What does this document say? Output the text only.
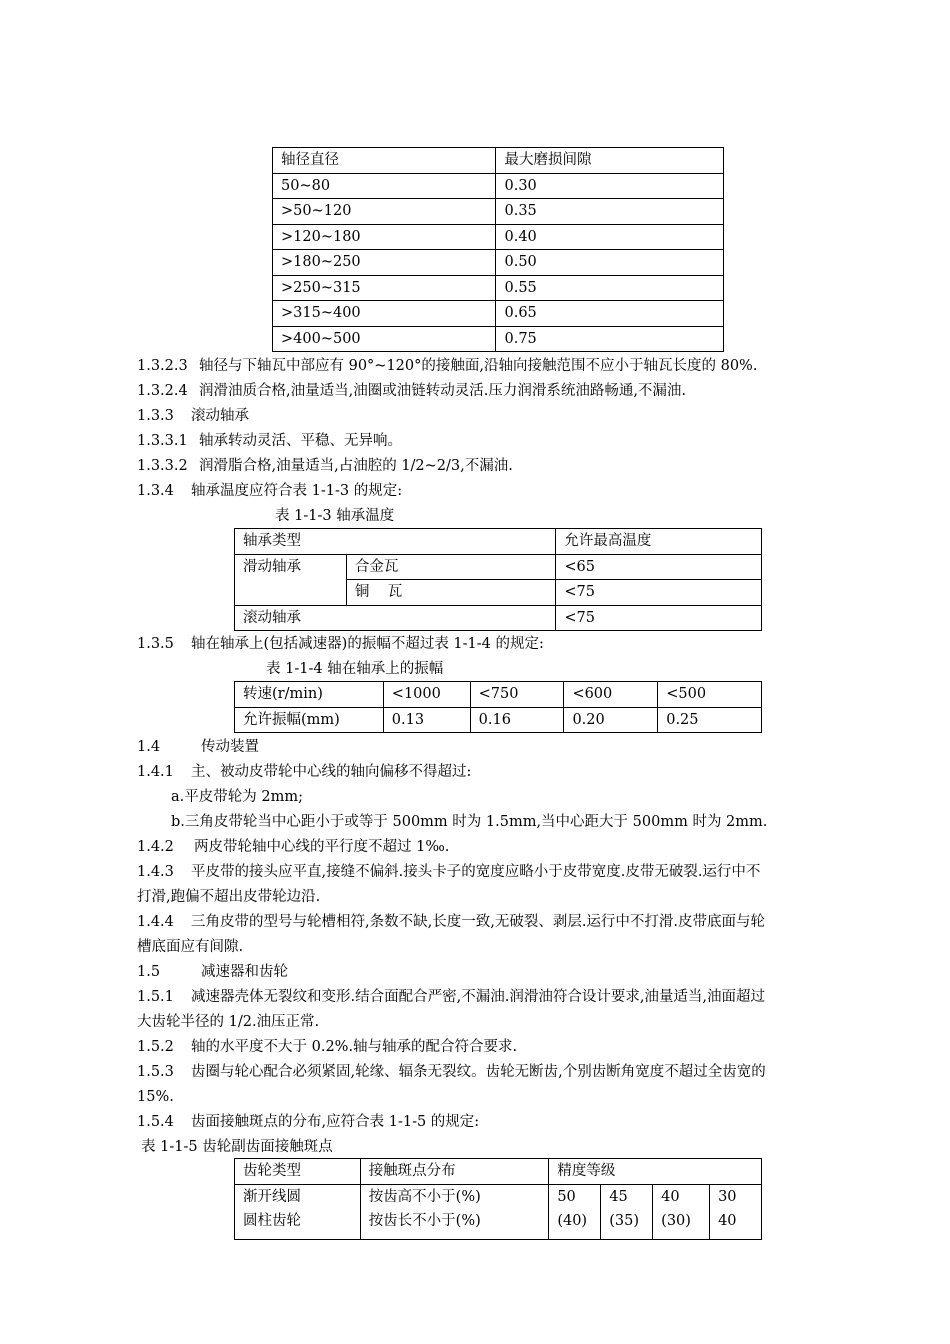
轴径直径	最大磨损间隙
50~80	0.30
>50~120	0.35
>120~180	0.40
>180~250	0.50
>250~315	0.55
>315~400	0.65
>400~500	0.75
1.3.2.3 轴径与下轴瓦中部应有 90°~120°的接触面,沿轴向接触范围不应小于轴瓦长度的 80%.
1.3.2.4 润滑油质合格,油量适当,油圈或油链转动灵活.压力润滑系统油路畅通,不漏油.
1.3.3 滚动轴承
1.3.3.1 轴承转动灵活、平稳、无异响。
1.3.3.2 润滑脂合格,油量适当,占油腔的 1/2~2/3,不漏油.
1.3.4 轴承温度应符合表 1-1-3 的规定:
表 1-1-3 轴承温度
轴承类型		允许最高温度
滑动轴承	合金瓦	<65
	铜    瓦	<75
滚动轴承		<75
1.3.5 轴在轴承上(包括减速器)的振幅不超过表 1-1-4 的规定:
表 1-1-4 轴在轴承上的振幅
转速(r/min)	<1000	<750	<600	<500
允许振幅(mm)	0.13	0.16	0.20	0.25
1.4	传动装置
1.4.1 主、被动皮带轮中心线的轴向偏移不得超过:
a.平皮带轮为 2mm;
b.三角皮带轮当中心距小于或等于 500mm 时为 1.5mm,当中心距大于 500mm 时为 2mm.
1.4.2 两皮带轮轴中心线的平行度不超过 1‰.
1.4.3 平皮带的接头应平直,接缝不偏斜.接头卡子的宽度应略小于皮带宽度.皮带无破裂.运行中不
打滑,跑偏不超出皮带轮边沿.
1.4.4 三角皮带的型号与轮槽相符,条数不缺,长度一致,无破裂、剥层.运行中不打滑.皮带底面与轮
槽底面应有间隙.
1.5	减速器和齿轮
1.5.1 减速器壳体无裂纹和变形.结合面配合严密,不漏油.润滑油符合设计要求,油量适当,油面超过
大齿轮半径的 1/2.油压正常.
1.5.2 轴的水平度不大于 0.2%.轴与轴承的配合符合要求.
1.5.3 齿圈与轮心配合必须紧固,轮缘、辐条无裂纹。齿轮无断齿,个别齿断角宽度不超过全齿宽的
15%.
1.5.4 齿面接触斑点的分布,应符合表 1-1-5 的规定:
表 1-1-5 齿轮副齿面接触斑点
齿轮类型	接触斑点分布	精度等级			
渐开线圆	按齿高不小于(%)	50	45	40	30
圆柱齿轮	按齿长不小于(%)	(40)	(35)	(30)	40
